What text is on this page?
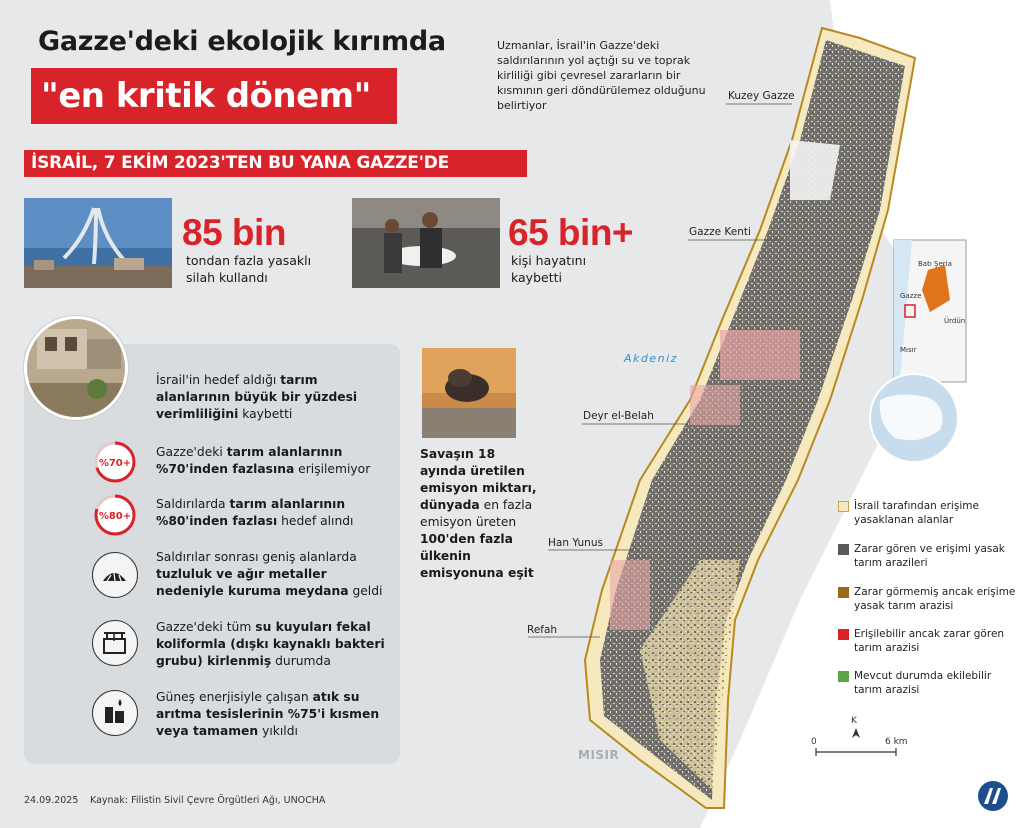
Gazze'deki ekolojik kırımda
"en kritik dönem"
Uzmanlar, İsrail'in Gazze'deki saldırılarının yol açtığı su ve toprak kirliliği gibi çevresel zararların bir kısmının geri döndürülemez olduğunu belirtiyor
İSRAİL, 7 EKİM 2023'TEN BU YANA GAZZE'DE
85 bin
tondan fazla yasaklı
silah kullandı
65 bin+
kişi hayatını
kaybetti
İsrail'in hedef aldığı tarım alanlarının büyük bir yüzdesi verimliliğini kaybetti
%70+
Gazze'deki tarım alanlarının %70'inden fazlasına erişilemiyor
%80+
Saldırılarda tarım alanlarının %80'inden fazlası hedef alındı
Saldırılar sonrası geniş alanlarda tuzluluk ve ağır metaller nedeniyle kuruma meydana geldi
Gazze'deki tüm su kuyuları fekal koliformla (dışkı kaynaklı bakteri grubu) kirlenmiş durumda
Güneş enerjisiyle çalışan atık su arıtma tesislerinin %75'i kısmen veya tamamen yıkıldı
Savaşın 18 ayında üretilen emisyon miktarı, dünyada en fazla emisyon üreten 100'den fazla ülkenin emisyonuna eşit
Kuzey Gazze
Gazze Kenti
Deyr el-Belah
Han Yunus
Refah
Akdeniz
MISIR
Batı Şeria
Gazze
Ürdün
Mısır
K
0	6 km
İsrail tarafından erişime yasaklanan alanlar
Zarar gören ve erişimi yasak tarım arazileri
Zarar görmemiş ancak erişime yasak tarım arazisi
Erişilebilir ancak zarar gören tarım arazisi
Mevcut durumda ekilebilir tarım arazisi
24.09.2025 Kaynak: Filistin Sivil Çevre Örgütleri Ağı, UNOCHA
